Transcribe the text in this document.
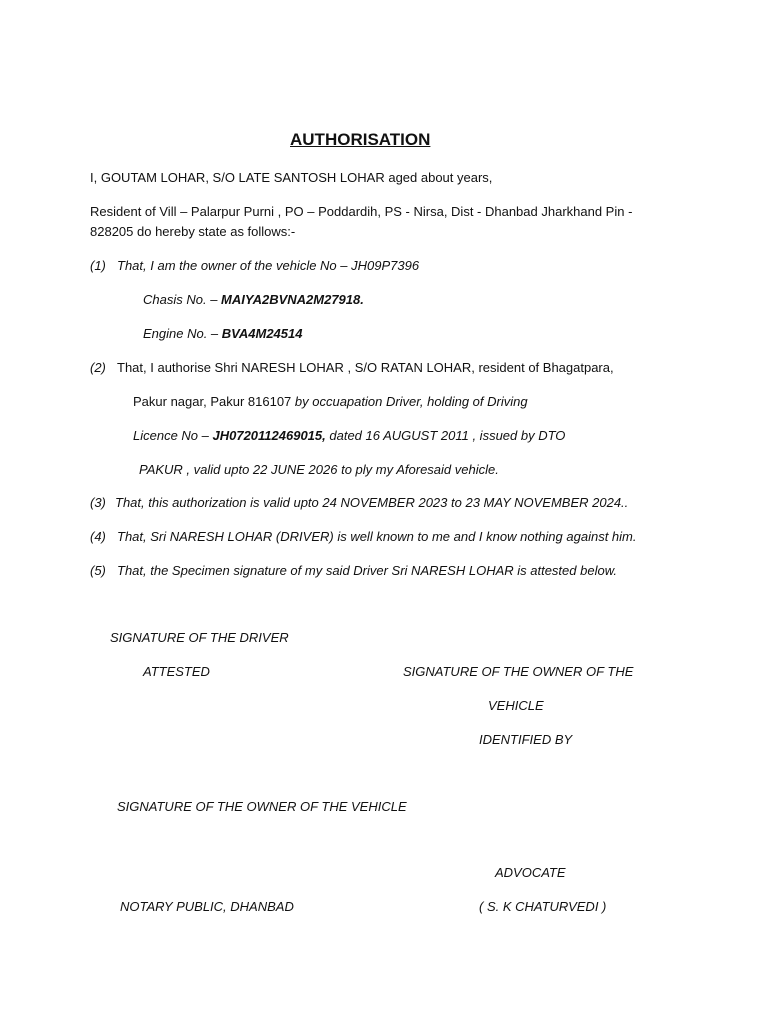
AUTHORISATION
I, GOUTAM LOHAR, S/O LATE SANTOSH LOHAR aged about years,
Resident of Vill – Palarpur Purni , PO – Poddardih, PS - Nirsa, Dist - Dhanbad Jharkhand Pin -
828205 do hereby state as follows:-
(1) That, I am the owner of the vehicle No – JH09P7396
Chasis No. – MAIYA2BVNA2M27918.
Engine No. – BVA4M24514
(2) That, I authorise Shri NARESH LOHAR , S/O RATAN LOHAR, resident of Bhagatpara,
Pakur nagar, Pakur 816107 by occuapation Driver, holding of Driving
Licence No – JH0720112469015, dated 16 AUGUST 2011 , issued by DTO
PAKUR , valid upto 22 JUNE 2026 to ply my Aforesaid vehicle.
(3) That, this authorization is valid upto 24 NOVEMBER 2023 to 23 MAY NOVEMBER 2024..
(4) That, Sri NARESH LOHAR (DRIVER) is well known to me and I know nothing against him.
(5) That, the Specimen signature of my said Driver Sri NARESH LOHAR is attested below.
SIGNATURE OF THE DRIVER
ATTESTED	SIGNATURE OF THE OWNER OF THE
VEHICLE
IDENTIFIED BY
SIGNATURE OF THE OWNER OF THE VEHICLE
ADVOCATE
NOTARY PUBLIC, DHANBAD	( S. K CHATURVEDI )
